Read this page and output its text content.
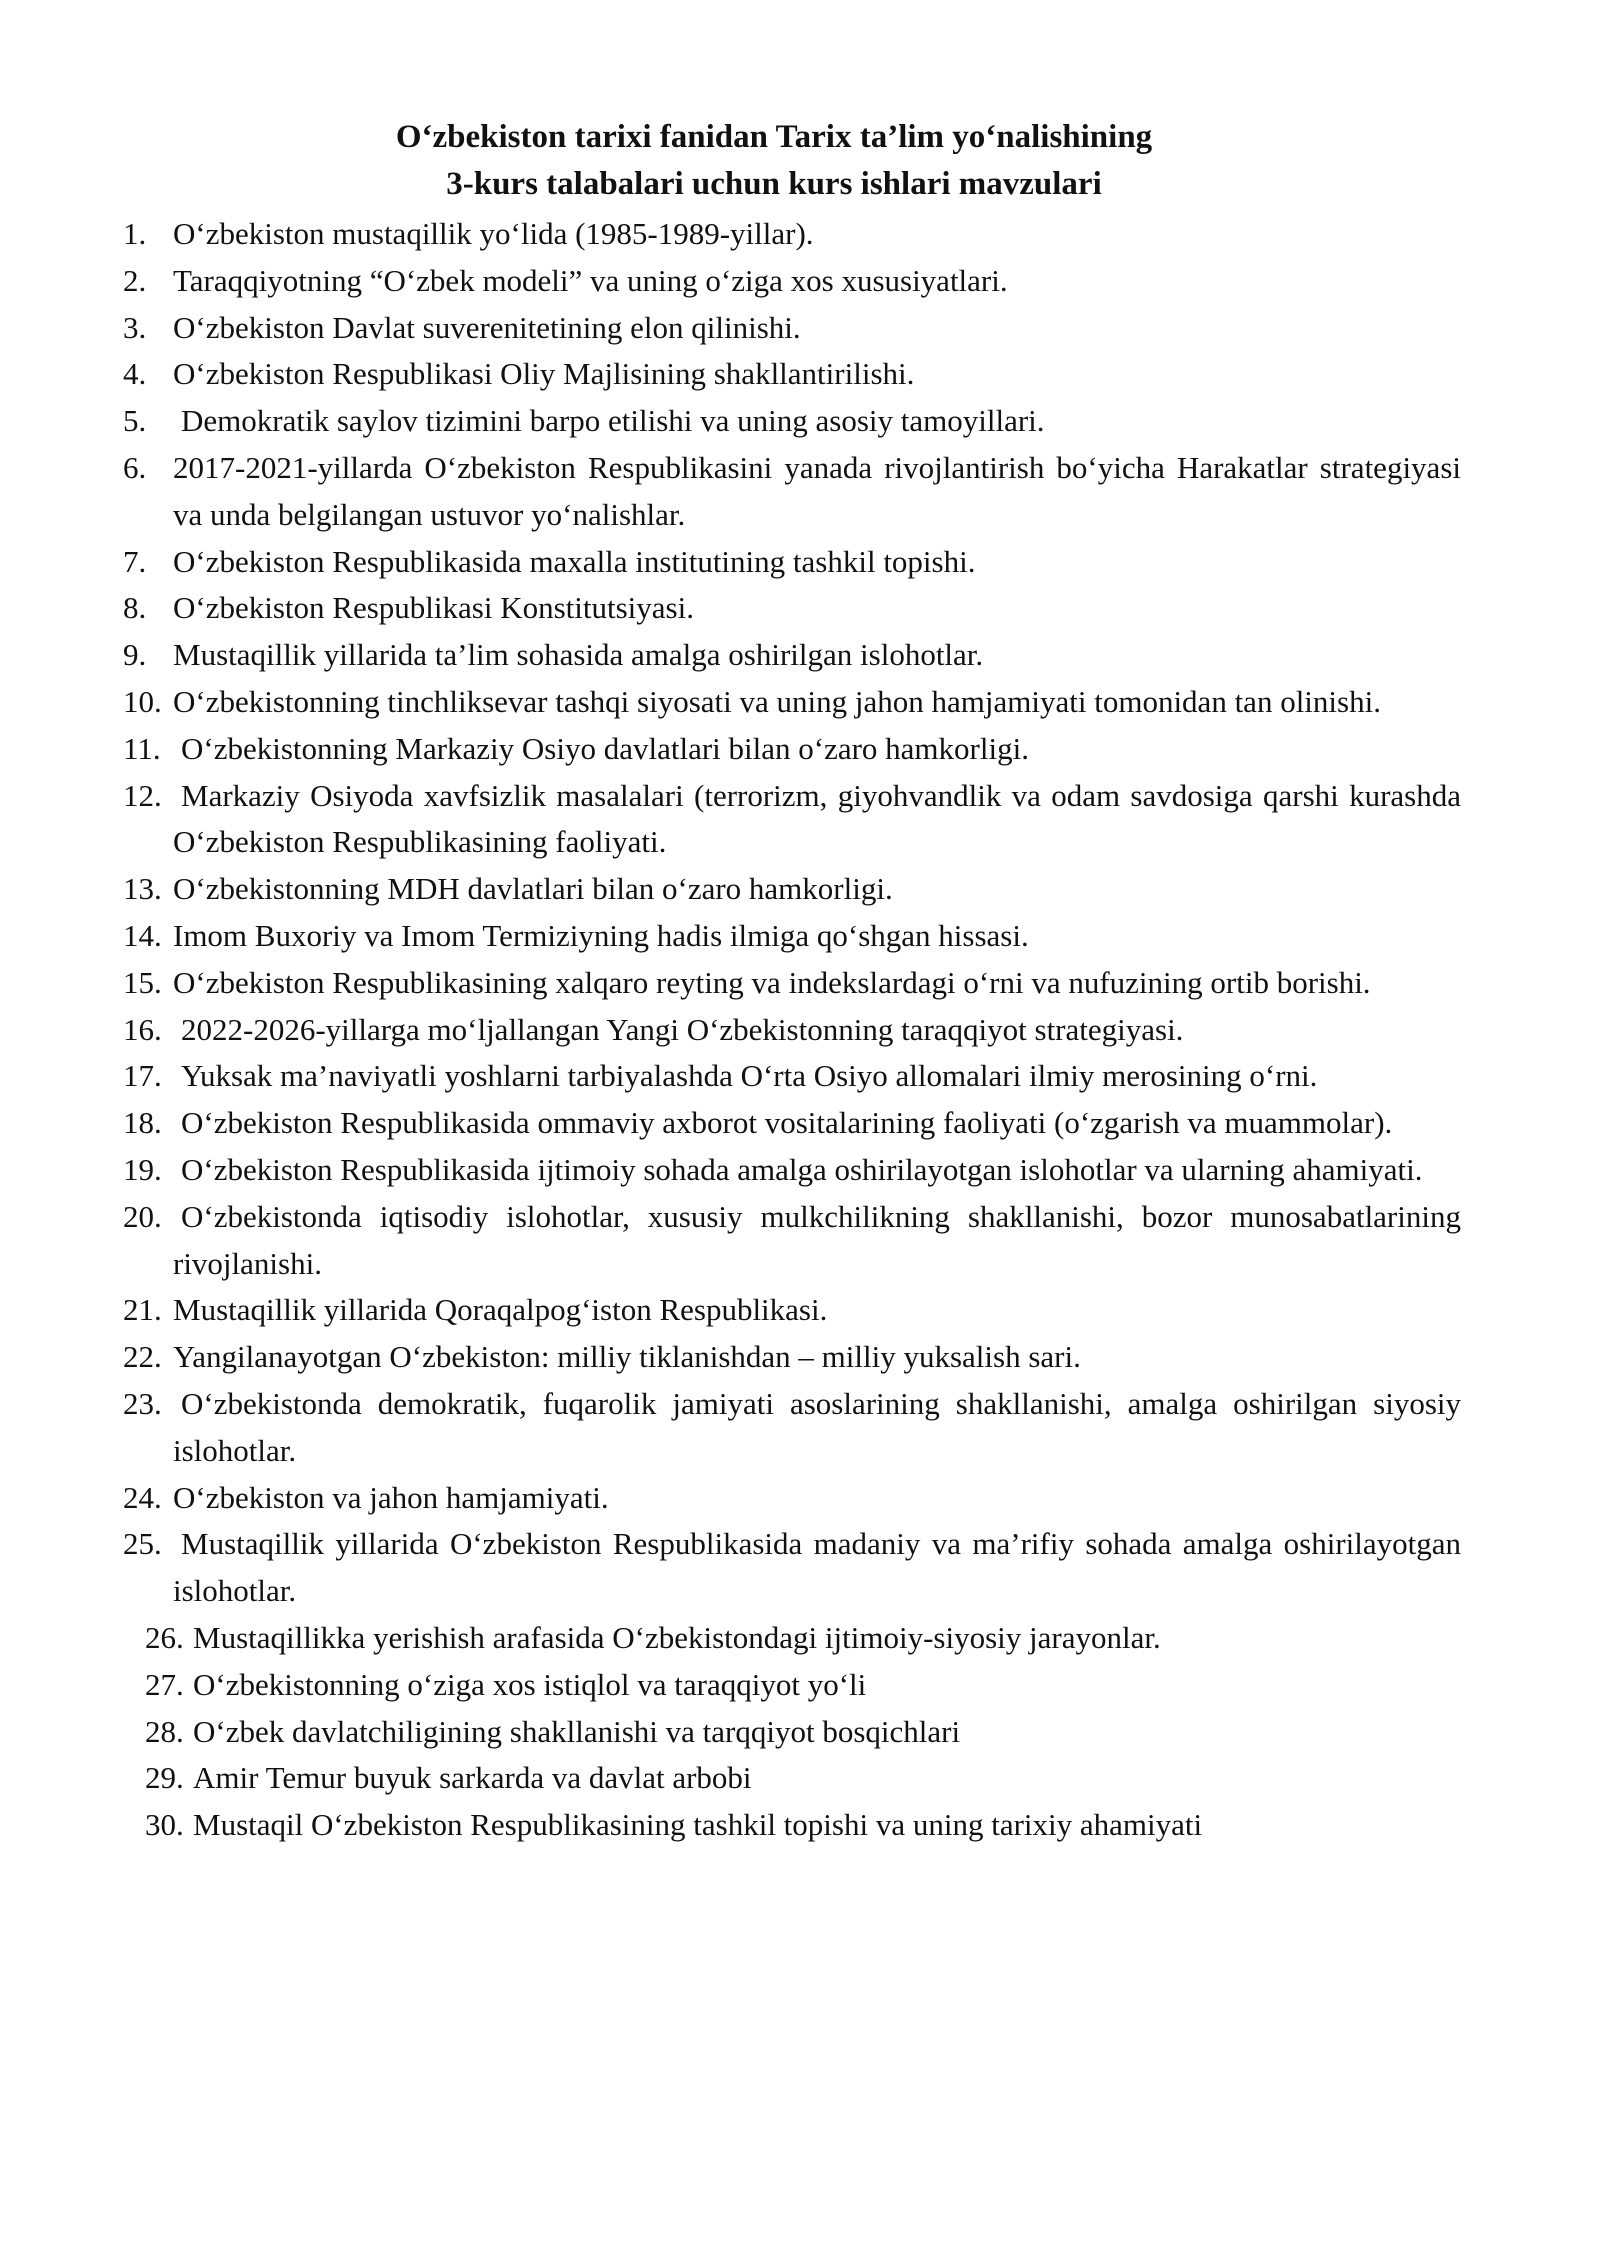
O‘zbekiston tarixi fanidan Tarix ta’lim yo‘nalishining
3-kurs talabalari uchun kurs ishlari mavzulari
1. O‘zbekiston mustaqillik yo‘lida (1985-1989-yillar).
2. Taraqqiyotning “O‘zbek modeli” va uning o‘ziga xos xususiyatlari.
3. O‘zbekiston Davlat suverenitetining elon qilinishi.
4. O‘zbekiston Respublikasi Oliy Majlisining shakllantirilishi.
5. Demokratik saylov tizimini barpo etilishi va uning asosiy tamoyillari.
6. 2017-2021-yillarda O‘zbekiston Respublikasini yanada rivojlantirish bo‘yicha Harakatlar strategiyasi va unda belgilangan ustuvor yo‘nalishlar.
7. O‘zbekiston Respublikasida maxalla institutining tashkil topishi.
8. O‘zbekiston Respublikasi Konstitutsiyasi.
9. Mustaqillik yillarida ta’lim sohasida amalga oshirilgan islohotlar.
10. O‘zbekistonning tinchliksevar tashqi siyosati va uning jahon hamjamiyati tomonidan tan olinishi.
11. O‘zbekistonning Markaziy Osiyo davlatlari bilan o‘zaro hamkorligi.
12. Markaziy Osiyoda xavfsizlik masalalari (terrorizm, giyohvandlik va odam savdosiga qarshi kurashda O‘zbekiston Respublikasining faoliyati.
13. O‘zbekistonning MDH davlatlari bilan o‘zaro hamkorligi.
14. Imom Buxoriy va Imom Termiziyning hadis ilmiga qo‘shgan hissasi.
15. O‘zbekiston Respublikasining xalqaro reyting va indekslardagi o‘rni va nufuzining ortib borishi.
16. 2022-2026-yillarga mo‘ljallangan Yangi O‘zbekistonning taraqqiyot strategiyasi.
17. Yuksak ma’naviyatli yoshlarni tarbiyalashda O‘rta Osiyo allomalari ilmiy merosining o‘rni.
18. O‘zbekiston Respublikasida ommaviy axborot vositalarining faoliyati (o‘zgarish va muammolar).
19. O‘zbekiston Respublikasida ijtimoiy sohada amalga oshirilayotgan islohotlar va ularning ahamiyati.
20. O‘zbekistonda iqtisodiy islohotlar, xususiy mulkchilikning shakllanishi, bozor munosabatlarining rivojlanishi.
21. Mustaqillik yillarida Qoraqalpog‘iston Respublikasi.
22. Yangilanayotgan O‘zbekiston: milliy tiklanishdan – milliy yuksalish sari.
23. O‘zbekistonda demokratik, fuqarolik jamiyati asoslarining shakllanishi, amalga oshirilgan siyosiy islohotlar.
24. O‘zbekiston va jahon hamjamiyati.
25. Mustaqillik yillarida O‘zbekiston Respublikasida madaniy va ma’rifiy sohada amalga oshirilayotgan islohotlar.
26. Mustaqillikka yerishish arafasida O‘zbekistondagi ijtimoiy-siyosiy jarayonlar.
27. O‘zbekistonning o‘ziga xos istiqlol va taraqqiyot yo‘li
28. O‘zbek davlatchiligining shakllanishi va tarqqiyot bosqichlari
29. Amir Temur buyuk sarkarda va davlat arbobi
30. Mustaqil O‘zbekiston Respublikasining tashkil topishi va uning tarixiy ahamiyati
